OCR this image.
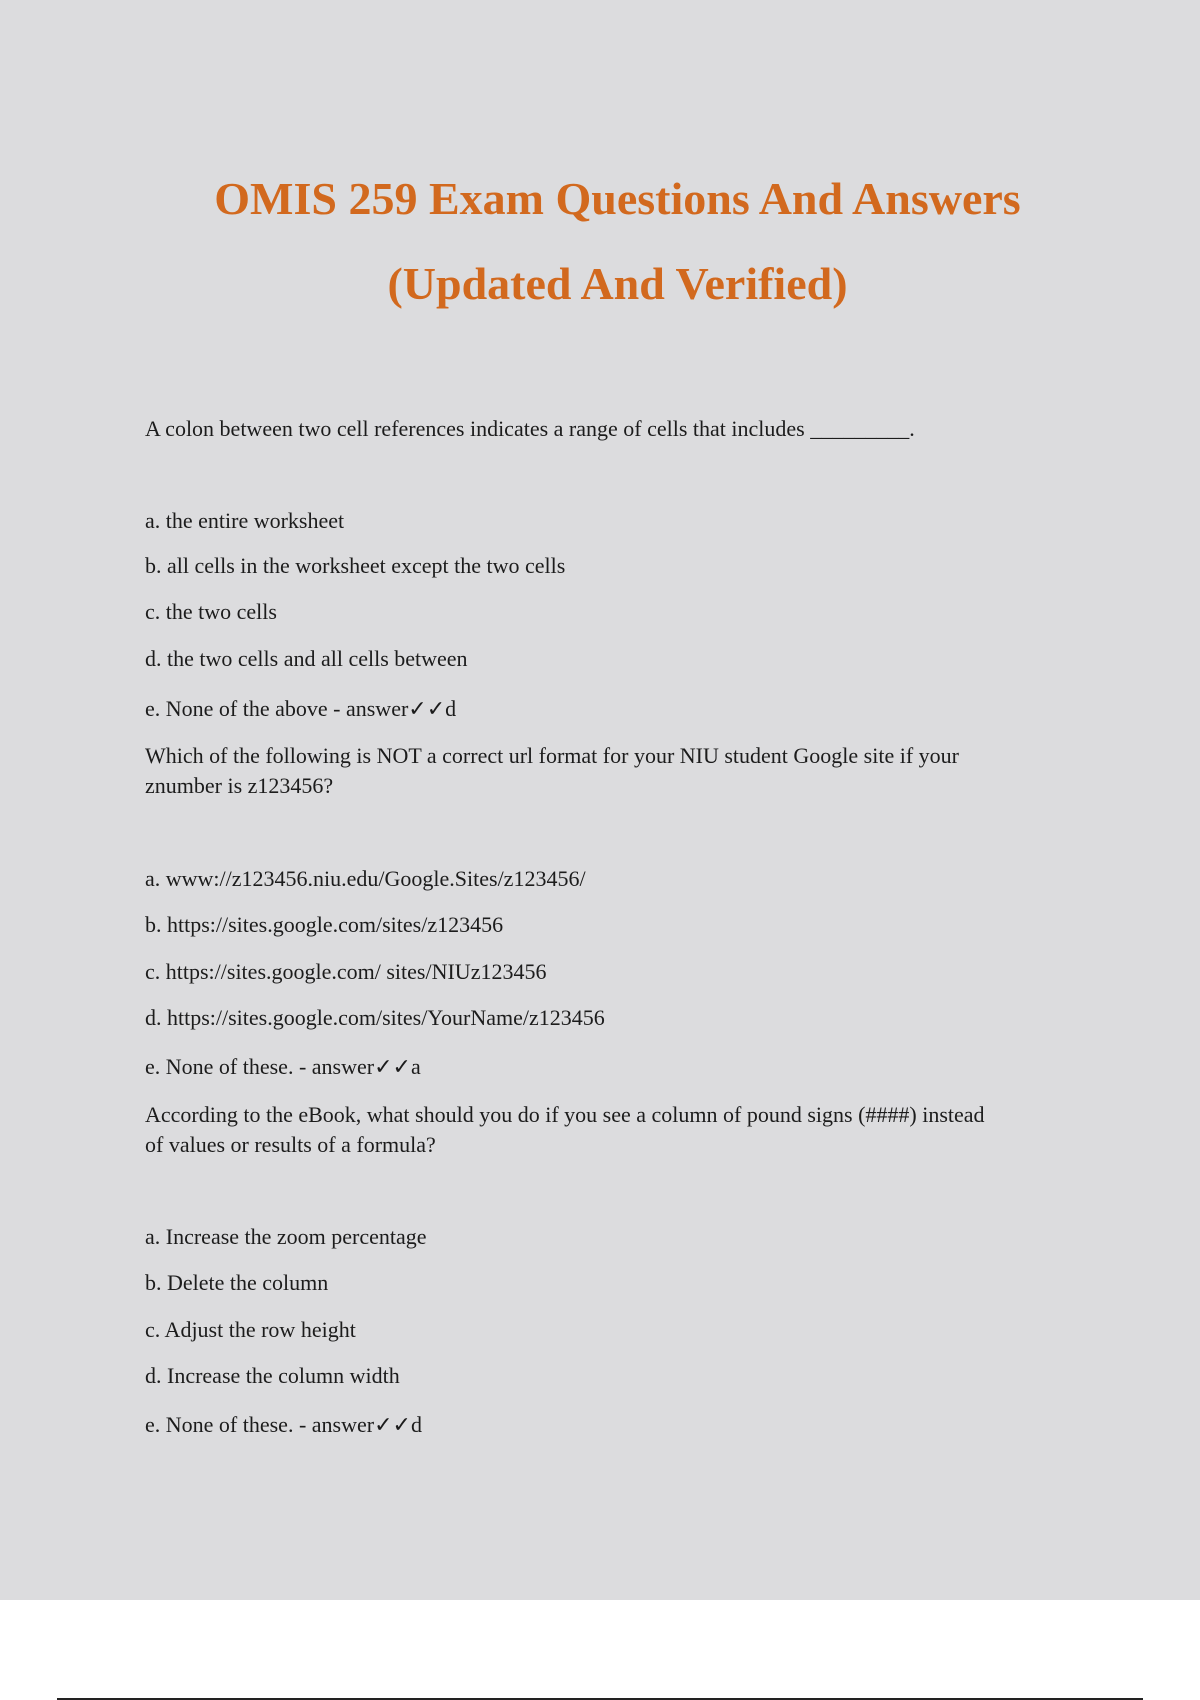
OMIS 259 Exam Questions And Answers
(Updated And Verified)

A colon between two cell references indicates a range of cells that includes _________.

a. the entire worksheet

b. all cells in the worksheet except the two cells

c. the two cells

d. the two cells and all cells between

e. None of the above - answer✓✓d

Which of the following is NOT a correct url format for your NIU student Google site if your

znumber is z123456?

a. www://z123456.niu.edu/Google.Sites/z123456/

b. https://sites.google.com/sites/z123456

c. https://sites.google.com/ sites/NIUz123456

d. https://sites.google.com/sites/YourName/z123456

e. None of these. - answer✓✓a

According to the eBook, what should you do if you see a column of pound signs (####) instead

of values or results of a formula?

a. Increase the zoom percentage

b. Delete the column

c. Adjust the row height

d. Increase the column width

e. None of these. - answer✓✓d
